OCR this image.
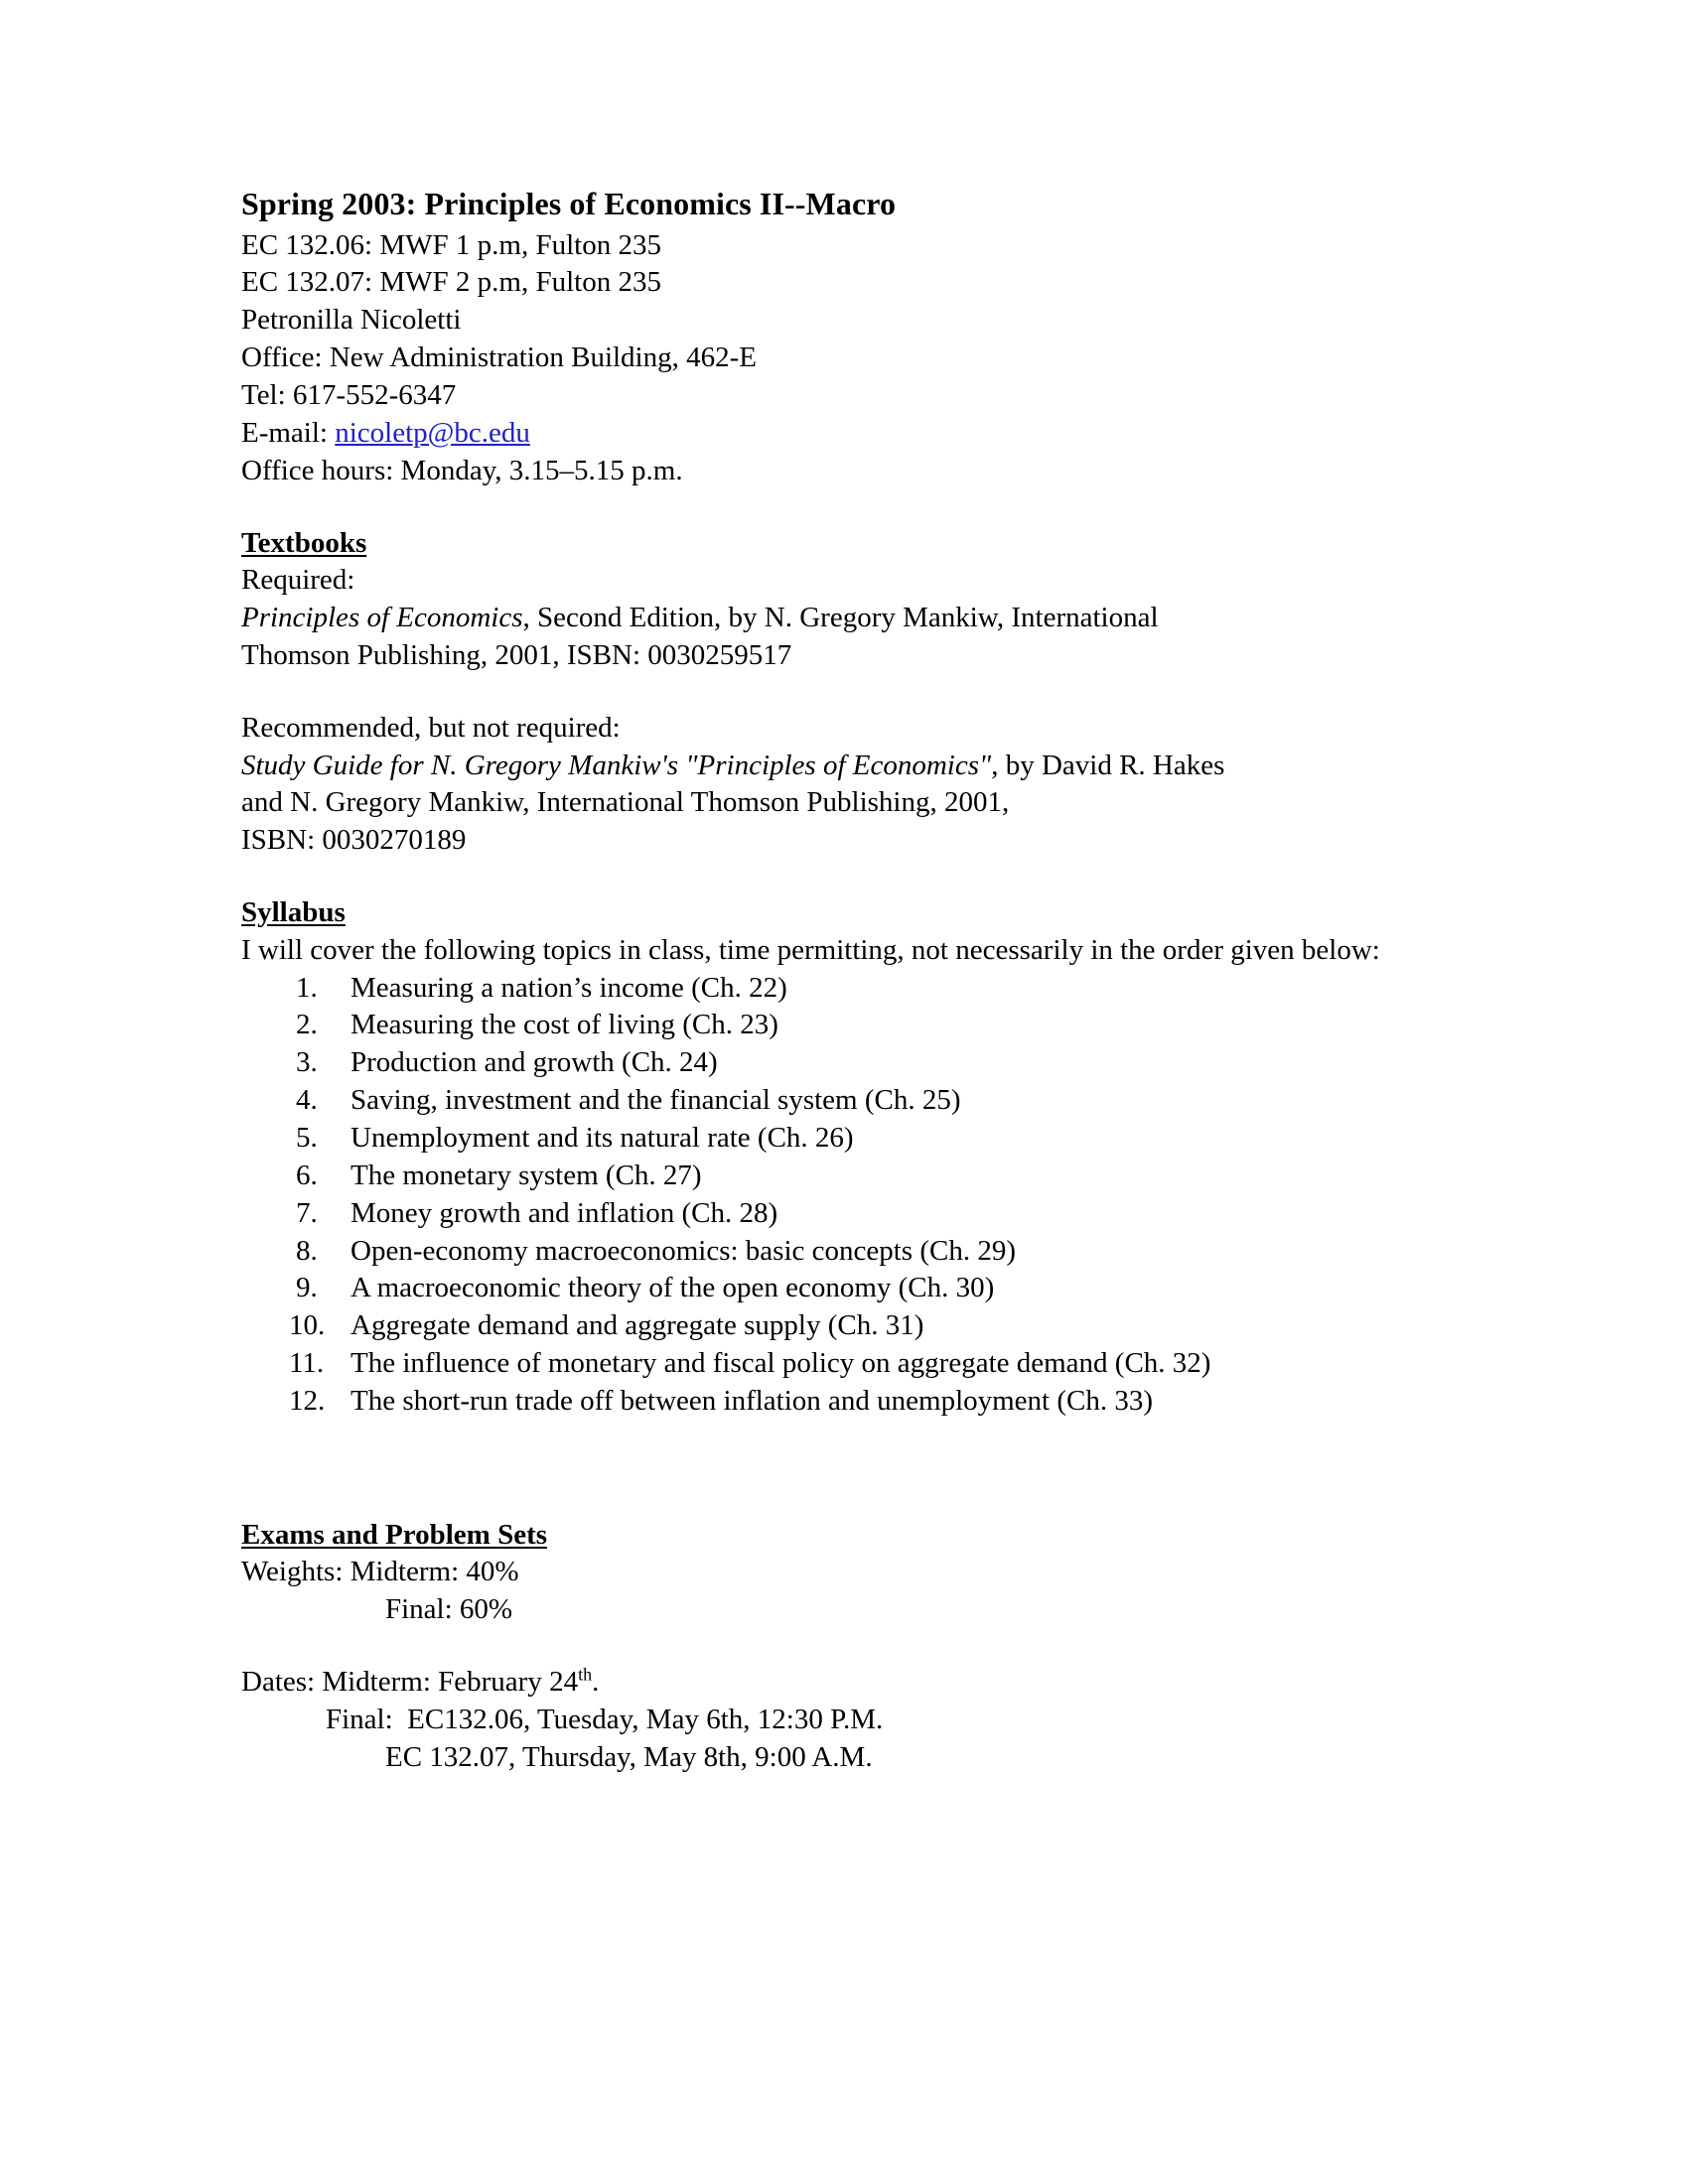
Spring 2003: Principles of Economics II--Macro

EC 132.06: MWF 1 p.m, Fulton 235

EC 132.07: MWF 2 p.m, Fulton 235

Petronilla Nicoletti

Office: New Administration Building, 462-E

Tel: 617-552-6347

E-mail: nicoletp@bc.edu

Office hours: Monday, 3.15–5.15 p.m.

Textbooks

Required:

Principles of Economics, Second Edition, by N. Gregory Mankiw, International

Thomson Publishing, 2001, ISBN: 0030259517

Recommended, but not required:

Study Guide for N. Gregory Mankiw's "Principles of Economics", by David R. Hakes

and N. Gregory Mankiw, International Thomson Publishing, 2001,

ISBN: 0030270189

Syllabus

I will cover the following topics in class, time permitting, not necessarily in the order given below:

1.	Measuring a nation’s income (Ch. 22)
2.	Measuring the cost of living (Ch. 23)
3.	Production and growth (Ch. 24)
4.	Saving, investment and the financial system (Ch. 25)
5.	Unemployment and its natural rate (Ch. 26)
6.	The monetary system (Ch. 27)
7.	Money growth and inflation (Ch. 28)
8.	Open-economy macroeconomics: basic concepts (Ch. 29)
9.	A macroeconomic theory of the open economy (Ch. 30)
10. Aggregate demand and aggregate supply (Ch. 31)
11. The influence of monetary and fiscal policy on aggregate demand (Ch. 32)
12. The short-run trade off between inflation and unemployment (Ch. 33)
Exams and Problem Sets

Weights: Midterm: 40%

Final: 60%

Dates: Midterm: February 24th.

Final:  EC132.06, Tuesday, May 6th, 12:30 P.M.

EC 132.07, Thursday, May 8th, 9:00 A.M.
